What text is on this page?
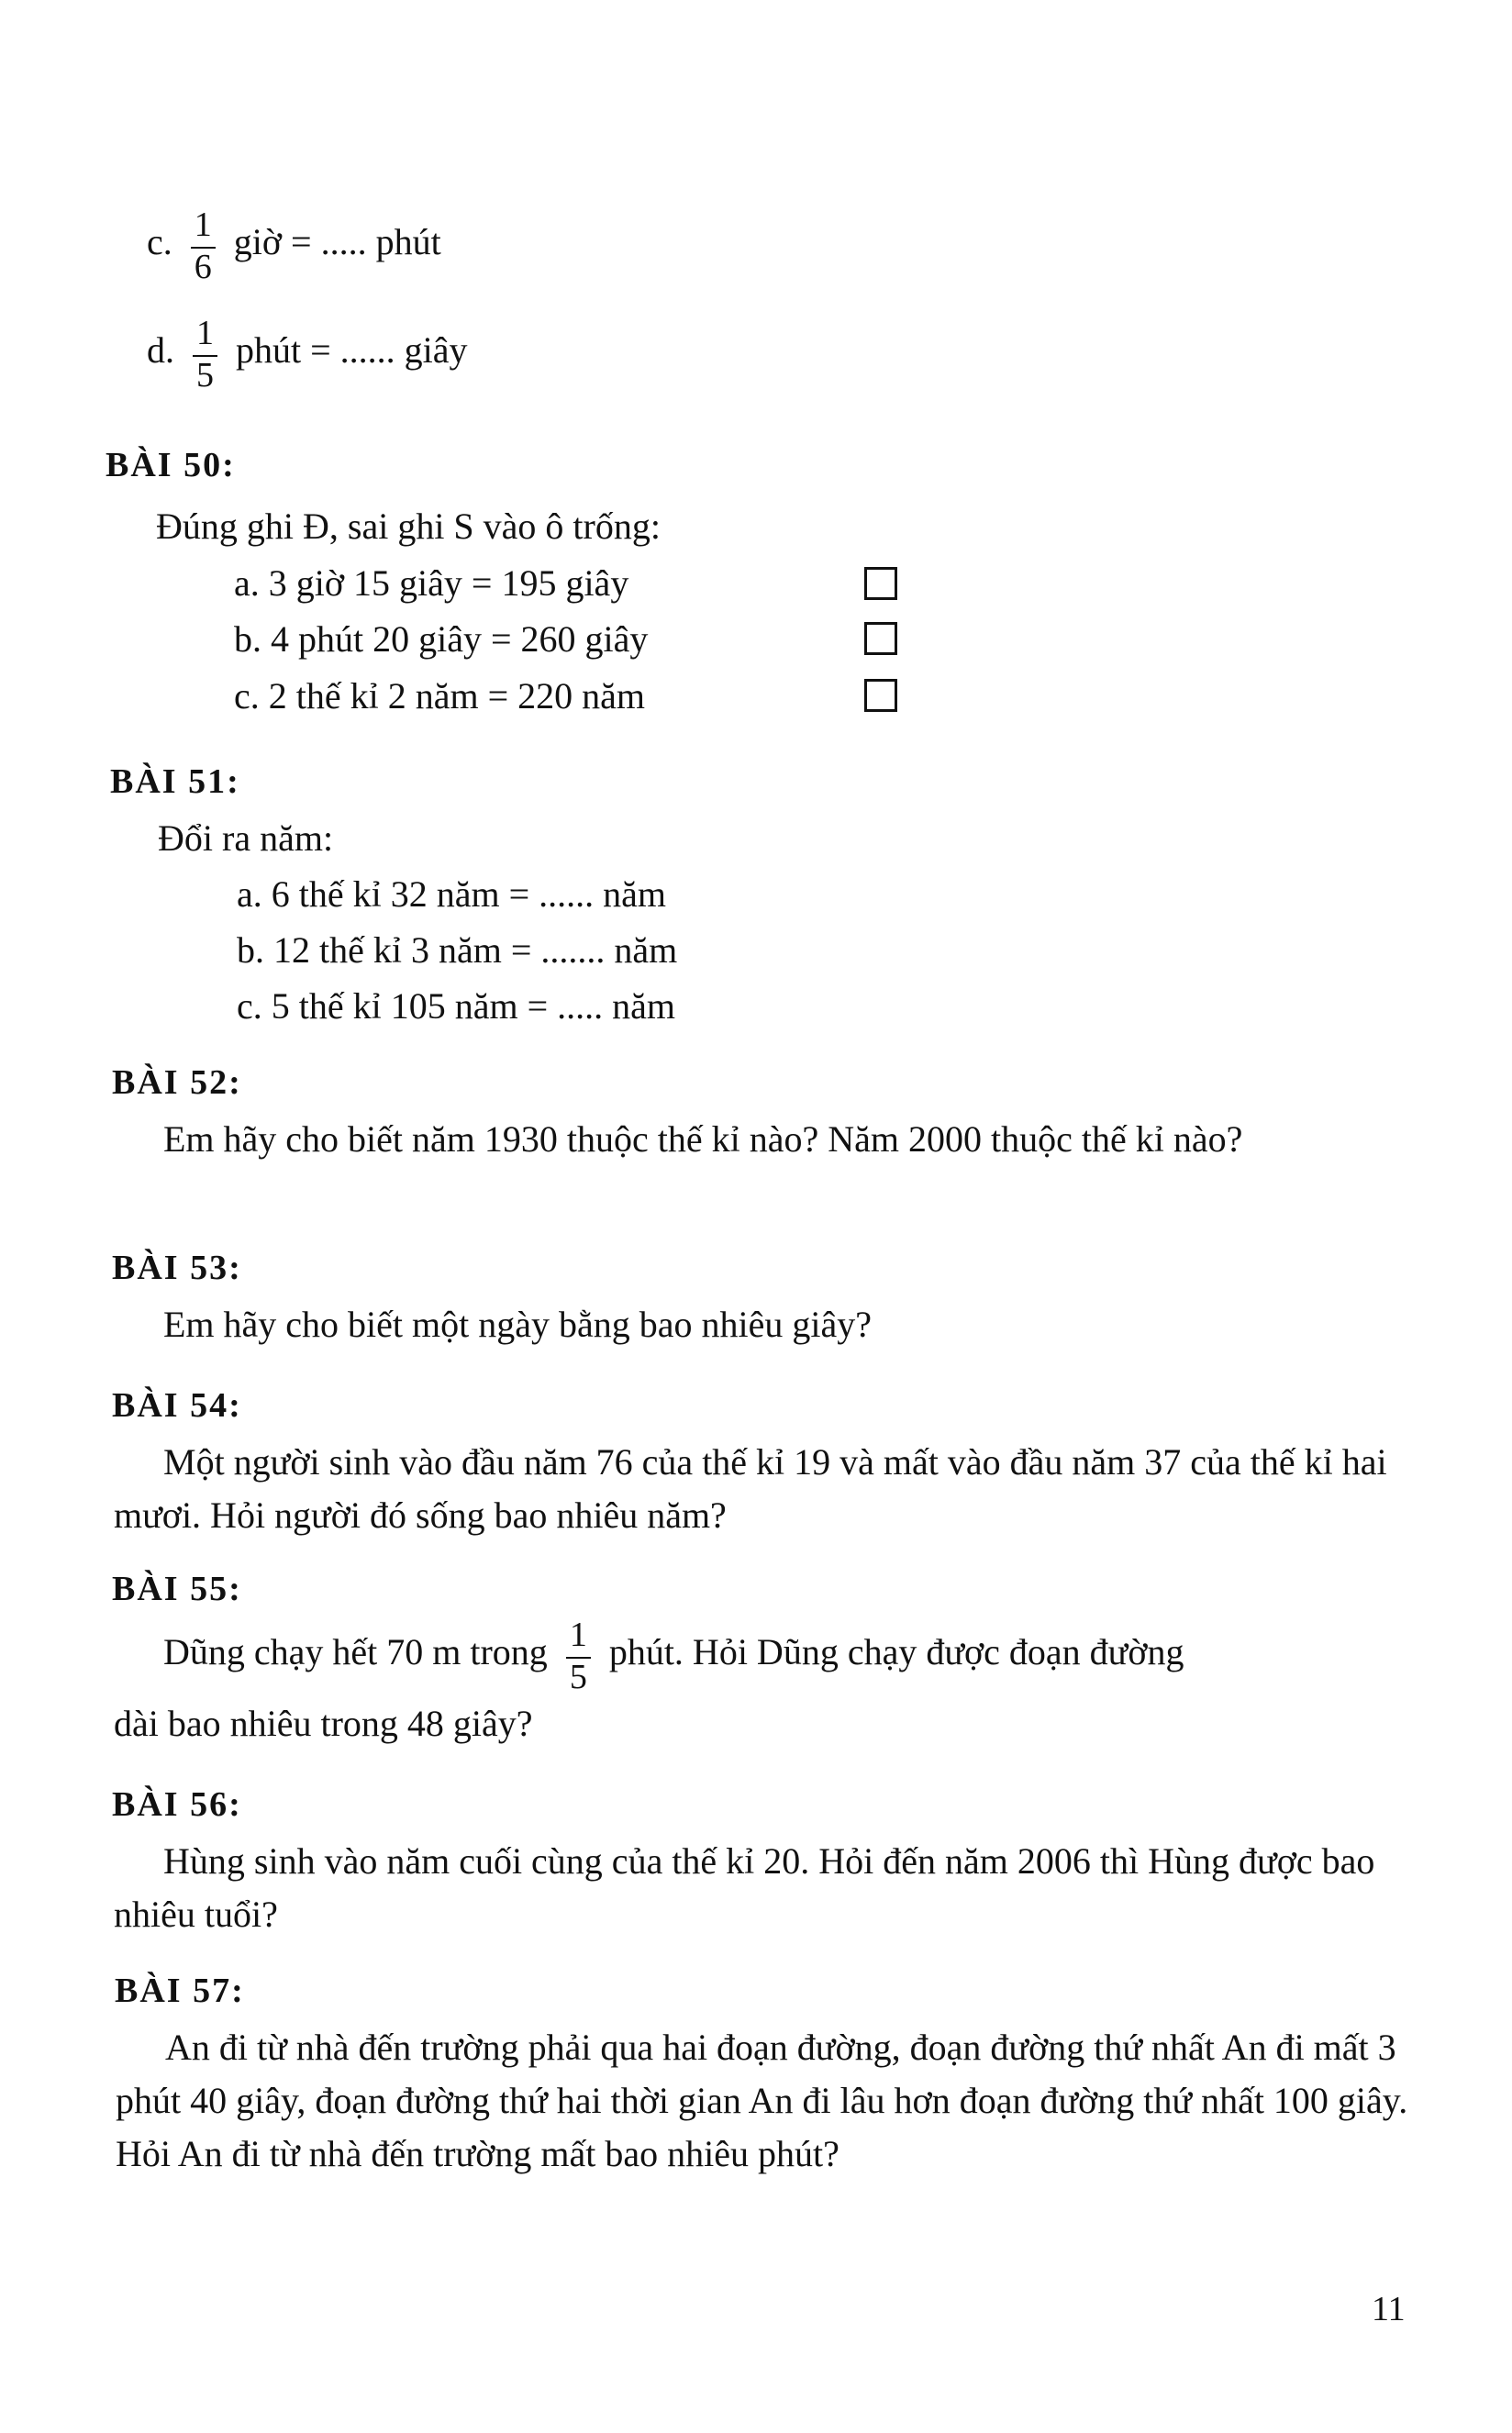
c. $\frac{1}{6}$ giờ = ..... phút
d. $\frac{1}{5}$ phút = ...... giây
BÀI 50:
Đúng ghi Đ, sai ghi S vào ô trống:
a. 3 giờ 15 giây = 195 giây
b. 4 phút 20 giây = 260 giây
c. 2 thế kỉ 2 năm = 220 năm
BÀI 51:
Đổi ra năm:
a. 6 thế kỉ 32 năm = ...... năm
b. 12 thế kỉ 3 năm = ....... năm
c. 5 thế kỉ 105 năm = ..... năm
BÀI 52:
Em hãy cho biết năm 1930 thuộc thế kỉ nào? Năm 2000 thuộc thế kỉ nào?
BÀI 53:
Em hãy cho biết một ngày bằng bao nhiêu giây?
BÀI 54:
Một người sinh vào đầu năm 76 của thế kỉ 19 và mất vào đầu năm 37 của thế kỉ hai mươi. Hỏi người đó sống bao nhiêu năm?
BÀI 55:
Dũng chạy hết 70 m trong $\frac{1}{5}$ phút. Hỏi Dũng chạy được đoạn đường
dài bao nhiêu trong 48 giây?
BÀI 56:
Hùng sinh vào năm cuối cùng của thế kỉ 20. Hỏi đến năm 2006 thì Hùng được bao nhiêu tuổi?
BÀI 57:
An đi từ nhà đến trường phải qua hai đoạn đường, đoạn đường thứ nhất An đi mất 3 phút 40 giây, đoạn đường thứ hai thời gian An đi lâu hơn đoạn đường thứ nhất 100 giây. Hỏi An đi từ nhà đến trường mất bao nhiêu phút?
11
